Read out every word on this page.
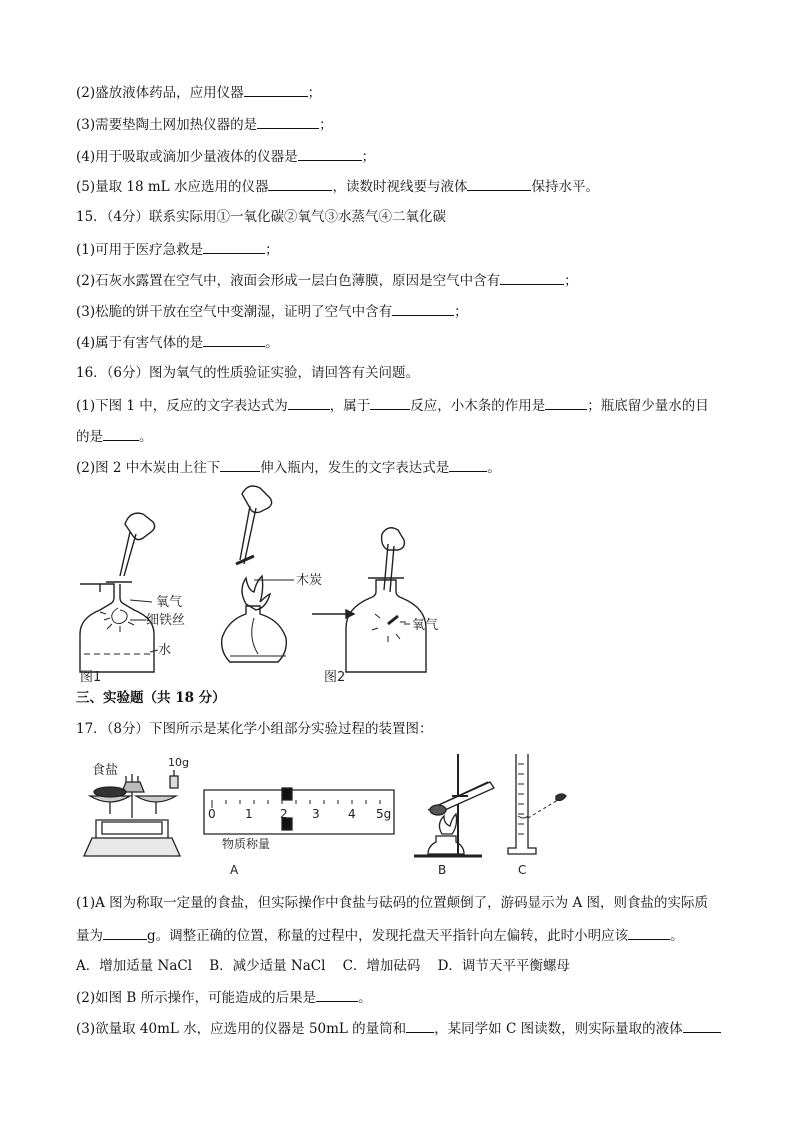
(2)盛放液体药品，应用仪器	；
(3)需要垫陶土网加热仪器的是	；
(4)用于吸取或滴加少量液体的仪器是	；
(5)量取 18 mL 水应选用的仪器	，读数时视线要与液体	保持水平。
15．（4分）联系实际用①一氧化碳②氧气③水蒸气④二氧化碳
(1)可用于医疗急救是	；
(2)石灰水露置在空气中，液面会形成一层白色薄膜，原因是空气中含有	；
(3)松脆的饼干放在空气中变潮湿，证明了空气中含有	；
(4)属于有害气体的是	。
16．（6分）图为氧气的性质验证实验，请回答有关问题。
(1)下图 1 中，反应的文字表达式为	，属于	反应，小木条的作用是	；瓶底留少量水的目
的是	。
(2)图 2 中木炭由上往下	伸入瓶内，发生的文字表达式是	。
氧气
细铁丝
水
木炭
氧气
图1	图2
三、实验题（共 18 分）
17．（8分）下图所示是某化学小组部分实验过程的装置图：
食盐
10g
0 1 2 3 4 5g
物质称量
A	B	C
(1)A 图为称取一定量的食盐，但实际操作中食盐与砝码的位置颠倒了，游码显示为 A 图，则食盐的实际质
量为	g。调整正确的位置，称量的过程中，发现托盘天平指针向左偏转，此时小明应该	。
A．增加适量 NaCl    B．减少适量 NaCl    C．增加砝码    D．调节天平平衡螺母
(2)如图 B 所示操作，可能造成的后果是	。
(3)欲量取 40mL 水，应选用的仪器是 50mL 的量筒和 ，某同学如 C 图读数，则实际量取的液体
